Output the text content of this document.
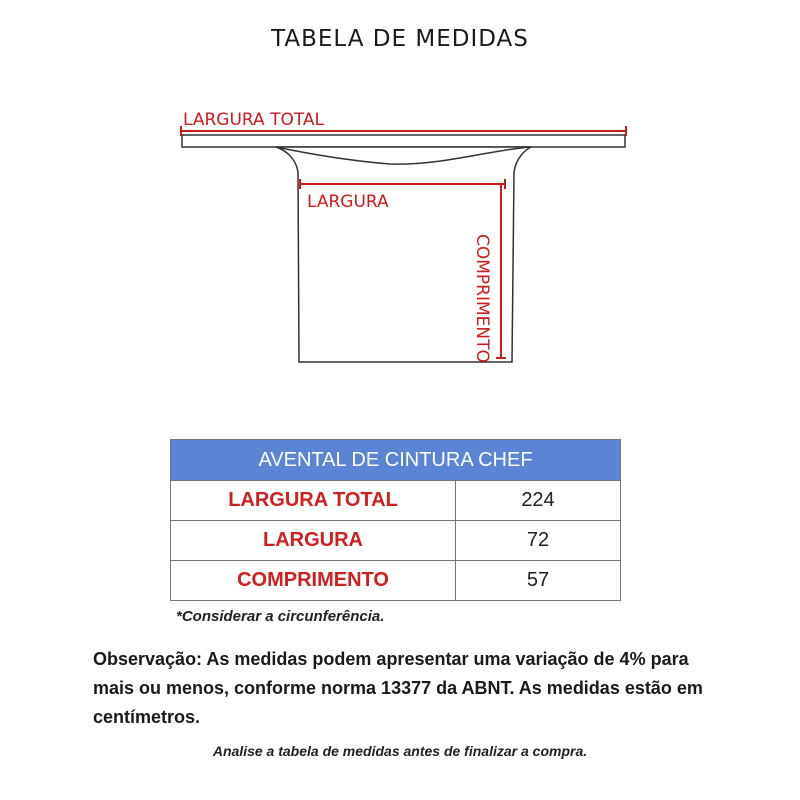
TABELA DE MEDIDAS
LARGURA TOTAL
LARGURA
COMPRIMENTO
AVENTAL DE CINTURA CHEF	
LARGURA TOTAL	224
LARGURA	72
COMPRIMENTO	57
*Considerar a circunferência.
Observação: As medidas podem apresentar uma variação de 4% para mais ou menos, conforme norma 13377 da ABNT. As medidas estão em centímetros.
Analise a tabela de medidas antes de finalizar a compra.
